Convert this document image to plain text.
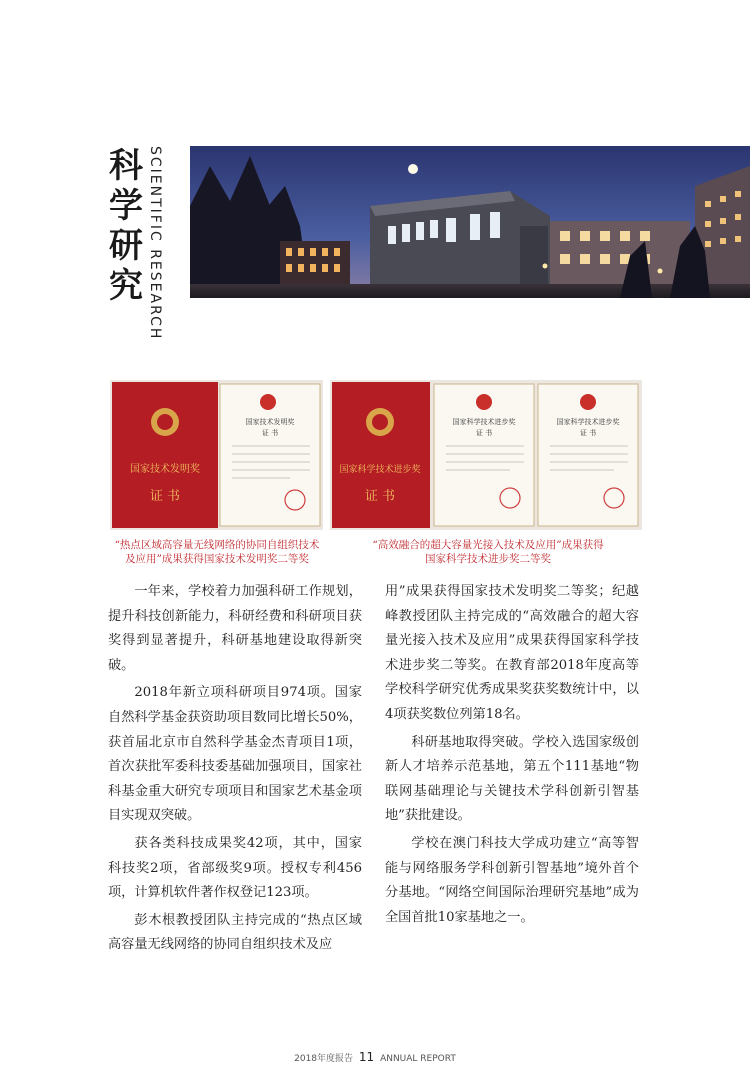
科学研究 SCIENTIFIC RESEARCH
国家技术发明奖
证 书
国家技术发明奖
证 书
国家科学技术进步奖
证 书
国家科学技术进步奖
证 书
国家科学技术进步奖
证 书
“热点区域高容量无线网络的协同自组织技术及应用”成果获得国家技术发明奖二等奖
“高效融合的超大容量光接入技术及应用”成果获得国家科学技术进步奖二等奖

一年来，学校着力加强科研工作规划，提升科技创新能力，科研经费和科研项目获奖得到显著提升，科研基地建设取得新突破。

2018年新立项科研项目974项。国家自然科学基金获资助项目数同比增长50%，获首届北京市自然科学基金杰青项目1项，首次获批军委科技委基础加强项目，国家社科基金重大研究专项项目和国家艺术基金项目实现双突破。

获各类科技成果奖42项，其中，国家科技奖2项，省部级奖9项。授权专利456项，计算机软件著作权登记123项。

彭木根教授团队主持完成的“热点区域高容量无线网络的协同自组织技术及应

用”成果获得国家技术发明奖二等奖；纪越峰教授团队主持完成的“高效融合的超大容量光接入技术及应用”成果获得国家科学技术进步奖二等奖。在教育部2018年度高等学校科学研究优秀成果奖获奖数统计中，以4项获奖数位列第18名。

科研基地取得突破。学校入选国家级创新人才培养示范基地，第五个111基地“物联网基础理论与关键技术学科创新引智基地”获批建设。

学校在澳门科技大学成功建立“高等智能与网络服务学科创新引智基地”境外首个分基地。“网络空间国际治理研究基地”成为全国首批10家基地之一。

2018年度报告 11 ANNUAL REPORT
